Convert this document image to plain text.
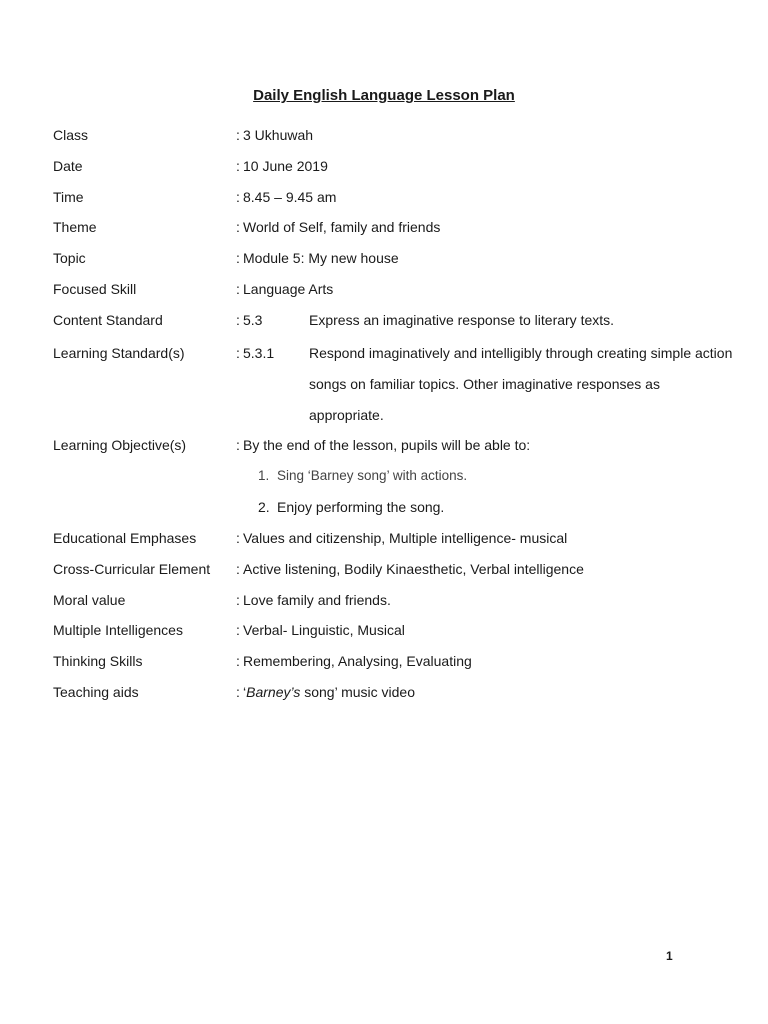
Daily English Language Lesson Plan
Class	: 3 Ukhuwah
Date	: 10 June 2019
Time	: 8.45 – 9.45 am
Theme	: World of Self, family and friends
Topic	: Module 5: My new house
Focused Skill	: Language Arts
Content Standard	: 5.3	Express an imaginative response to literary texts.
Learning Standard(s)	: 5.3.1 Respond imaginatively and intelligibly through creating simple action
songs on familiar topics. Other imaginative responses as
appropriate.
Learning Objective(s)	: By the end of the lesson, pupils will be able to:
1. Sing ‘Barney song’ with actions.
2. Enjoy performing the song.
Educational Emphases	: Values and citizenship, Multiple intelligence- musical
Cross-Curricular Element : Active listening, Bodily Kinaesthetic, Verbal intelligence
Moral value	: Love family and friends.
Multiple Intelligences	: Verbal- Linguistic, Musical
Thinking Skills	: Remembering, Analysing, Evaluating
Teaching aids	: ‘Barney’s song’ music video
1
